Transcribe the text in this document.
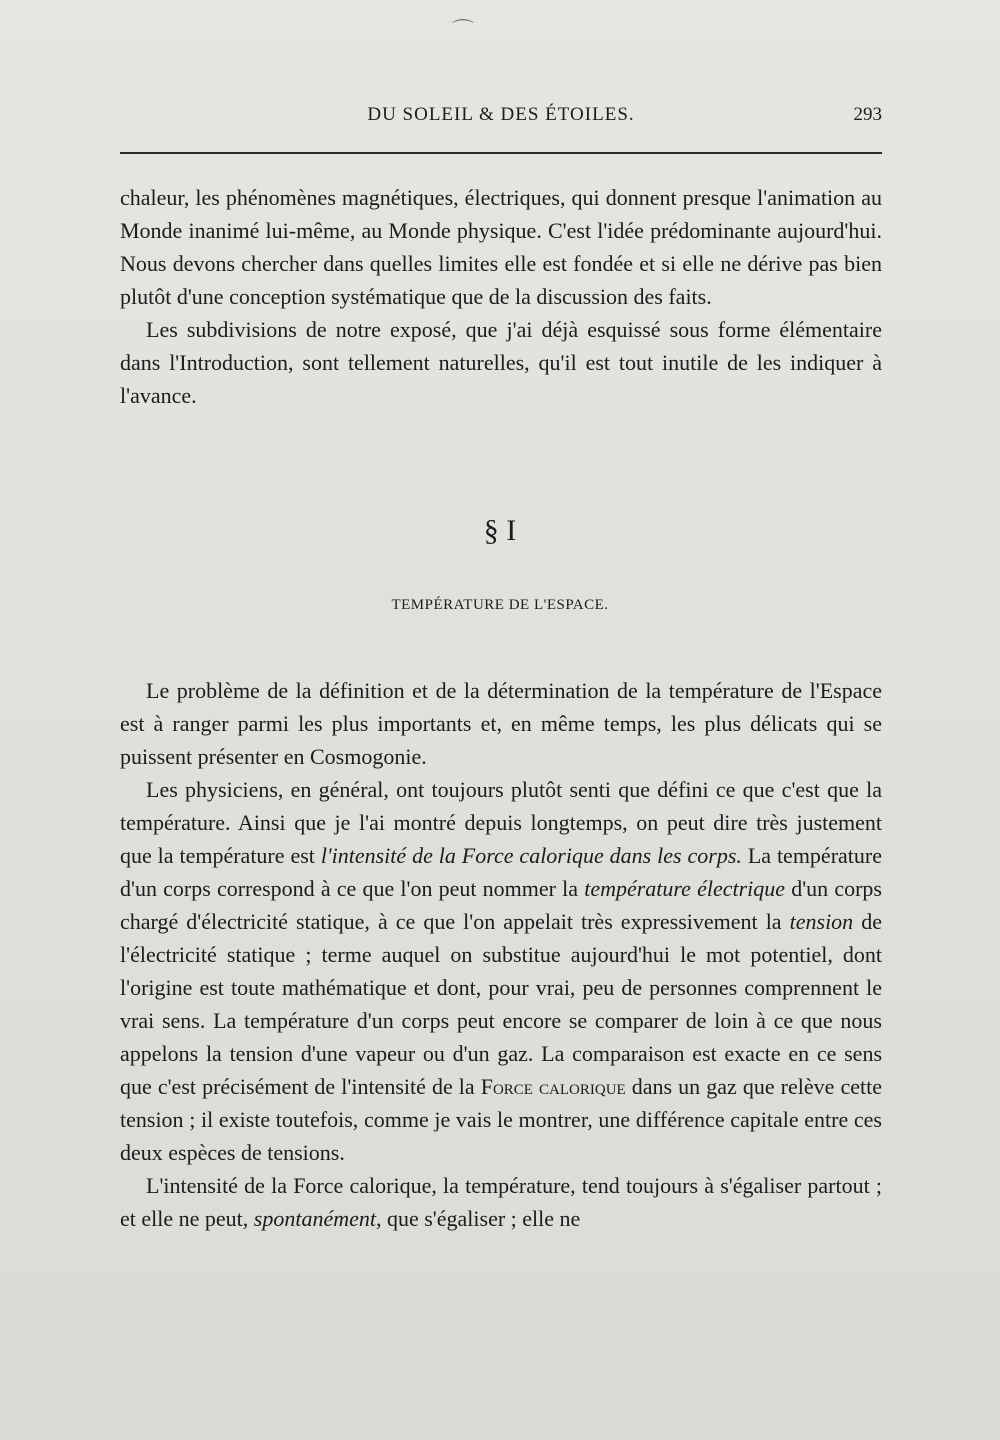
⌒
DU SOLEIL & DES ÉTOILES.	293

chaleur, les phénomènes magnétiques, électriques, qui donnent presque l'animation au Monde inanimé lui-même, au Monde physique. C'est l'idée prédominante aujourd'hui. Nous devons chercher dans quelles limites elle est fondée et si elle ne dérive pas bien plutôt d'une conception systématique que de la discussion des faits.

Les subdivisions de notre exposé, que j'ai déjà esquissé sous forme élémentaire dans l'Introduction, sont tellement naturelles, qu'il est tout inutile de les indiquer à l'avance.

§ I
TEMPÉRATURE DE L'ESPACE.

Le problème de la définition et de la détermination de la température de l'Espace est à ranger parmi les plus importants et, en même temps, les plus délicats qui se puissent présenter en Cosmogonie.

Les physiciens, en général, ont toujours plutôt senti que défini ce que c'est que la température. Ainsi que je l'ai montré depuis longtemps, on peut dire très justement que la température est l'intensité de la Force calorique dans les corps. La température d'un corps correspond à ce que l'on peut nommer la température électrique d'un corps chargé d'électricité statique, à ce que l'on appelait très expressivement la tension de l'électricité statique ; terme auquel on substitue aujourd'hui le mot potentiel, dont l'origine est toute mathématique et dont, pour vrai, peu de personnes comprennent le vrai sens. La température d'un corps peut encore se comparer de loin à ce que nous appelons la tension d'une vapeur ou d'un gaz. La comparaison est exacte en ce sens que c'est précisément de l'intensité de la Force calorique dans un gaz que relève cette tension ; il existe toutefois, comme je vais le montrer, une différence capitale entre ces deux espèces de tensions.

L'intensité de la Force calorique, la température, tend toujours à s'égaliser partout ; et elle ne peut, spontanément, que s'égaliser ; elle ne
